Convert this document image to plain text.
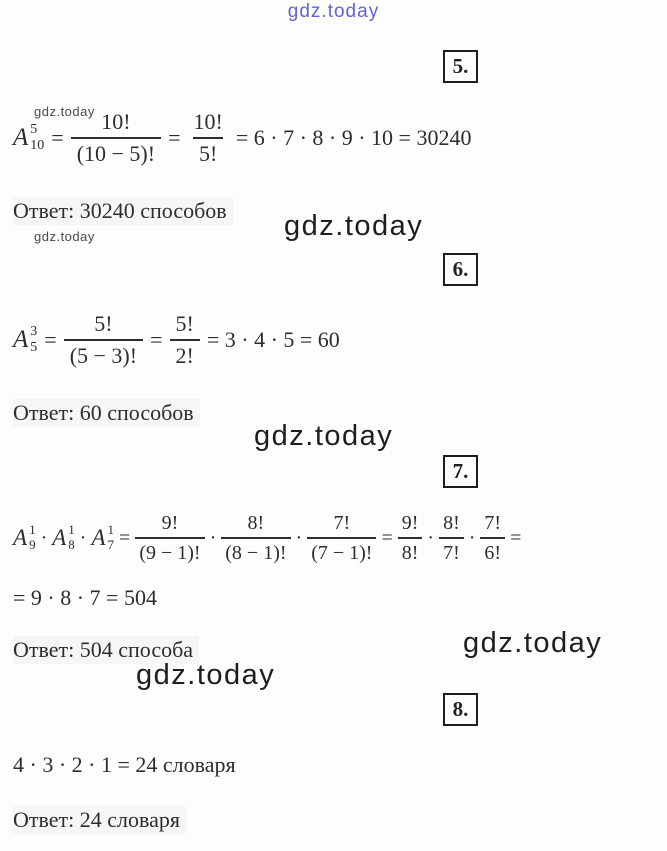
gdz.today
5.
gdz.today
A 5
$10 = \frac{10!}{(10 - 5)!} = \frac{10!}{5!} = 6 \cdot 7 \cdot 8 \cdot 9 \cdot 10 = 30240$
Ответ: 30240 способов
gdz.today	gdz.today
6.
A 3
$5 = \frac{5!}{(5 - 3)!} = \frac{5!}{2!} = 3 \cdot 4 \cdot 5 = 60$
Ответ: 60 способов
gdz.today
7.
A 1
9 · A 1
8 · A 1
$7 = \frac{9!}{(9 - 1)!} \cdot \frac{8!}{(8 - 1)!} \cdot \frac{7!}{(7 - 1)!} = \frac{9!}{8!} \cdot \frac{8!}{7!} \cdot \frac{7!}{6!}$ =
= 9 · 8 · 7 = 504
Ответ: 504 способа	gdz.today
gdz.today
8.
4 · 3 · 2 · 1 = 24 словаря
Ответ: 24 словаря
